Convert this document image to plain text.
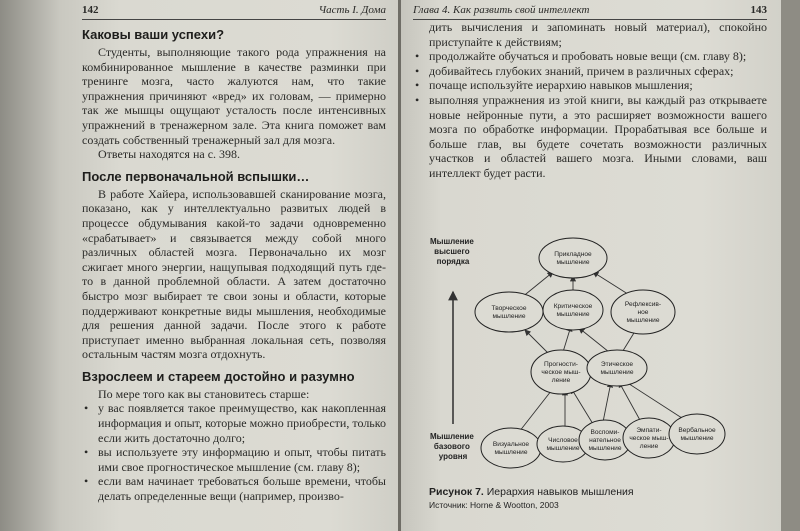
142	Часть I. Дома
Каковы ваши успехи?

Студенты, выполняющие такого рода упражнения на комбинированное мышление в качестве разминки при тренинге мозга, часто жалуются нам, что такие упражнения причиняют «вред» их головам, — примерно так же мышцы ощущают усталость после интенсивных упражнений в тренажерном зале. Эта книга поможет вам создать собственный тренажерный зал для мозга.

Ответы находятся на с. 398.

После первоначальной вспышки…

В работе Хайера, использовавшей сканирование мозга, показано, как у интеллектуально развитых людей в процессе обдумывания какой-то задачи одновременно «срабатывает» и связывается между собой много различных областей мозга. Первоначально их мозг сжигает много энергии, нащупывая подходящий путь где-то в данной проблемной области. А затем достаточно быстро мозг выбирает те свои зоны и области, которые поддерживают конкретные виды мышления, необходимые для решения данной задачи. После этого к работе приступает именно выбранная локальная сеть, позволяя остальным частям мозга отдохнуть.

Взрослеем и стареем достойно и разумно

По мере того как вы становитесь старше:

• у вас появляется такое преимущество, как накопленная информация и опыт, которые можно приобрести, только если жить достаточно долго;
• вы используете эту информацию и опыт, чтобы питать ими свое прогностическое мышление (см. главу 8);
• если вам начинает требоваться больше времени, чтобы делать определенные вещи (например, произво-
Глава 4. Как развить свой интеллект	143

дить вычисления и запоминать новый материал), спокойно приступайте к действиям;

• продолжайте обучаться и пробовать новые вещи (см. главу 8);
• добивайтесь глубоких знаний, причем в различных сферах;
• почаще используйте иерархию навыков мышления;
• выполняя упражнения из этой книги, вы каждый раз открываете новые нейронные пути, а это расширяет возможности вашего мозга по обработке информации. Прорабатывая все больше и больше глав, вы будете сочетать возможности различных участков и областей вашего мозга. Иными словами, ваш интеллект будет расти.
Мышление высшего порядка
Мышление базового уровня
Прикладное мышление
Творческое мышление
Критическое мышление
Рефлексив-ное мышление
Прогности-ческое мыш-ление
Этическое мышление
Визуальное мышление
Числовое мышление
Воспоми-нательное мышление
Эмпати-ческое мыш-ление
Вербальное мышление
Рисунок 7. Иерархия навыков мышления
Источник: Horne & Wootton, 2003
